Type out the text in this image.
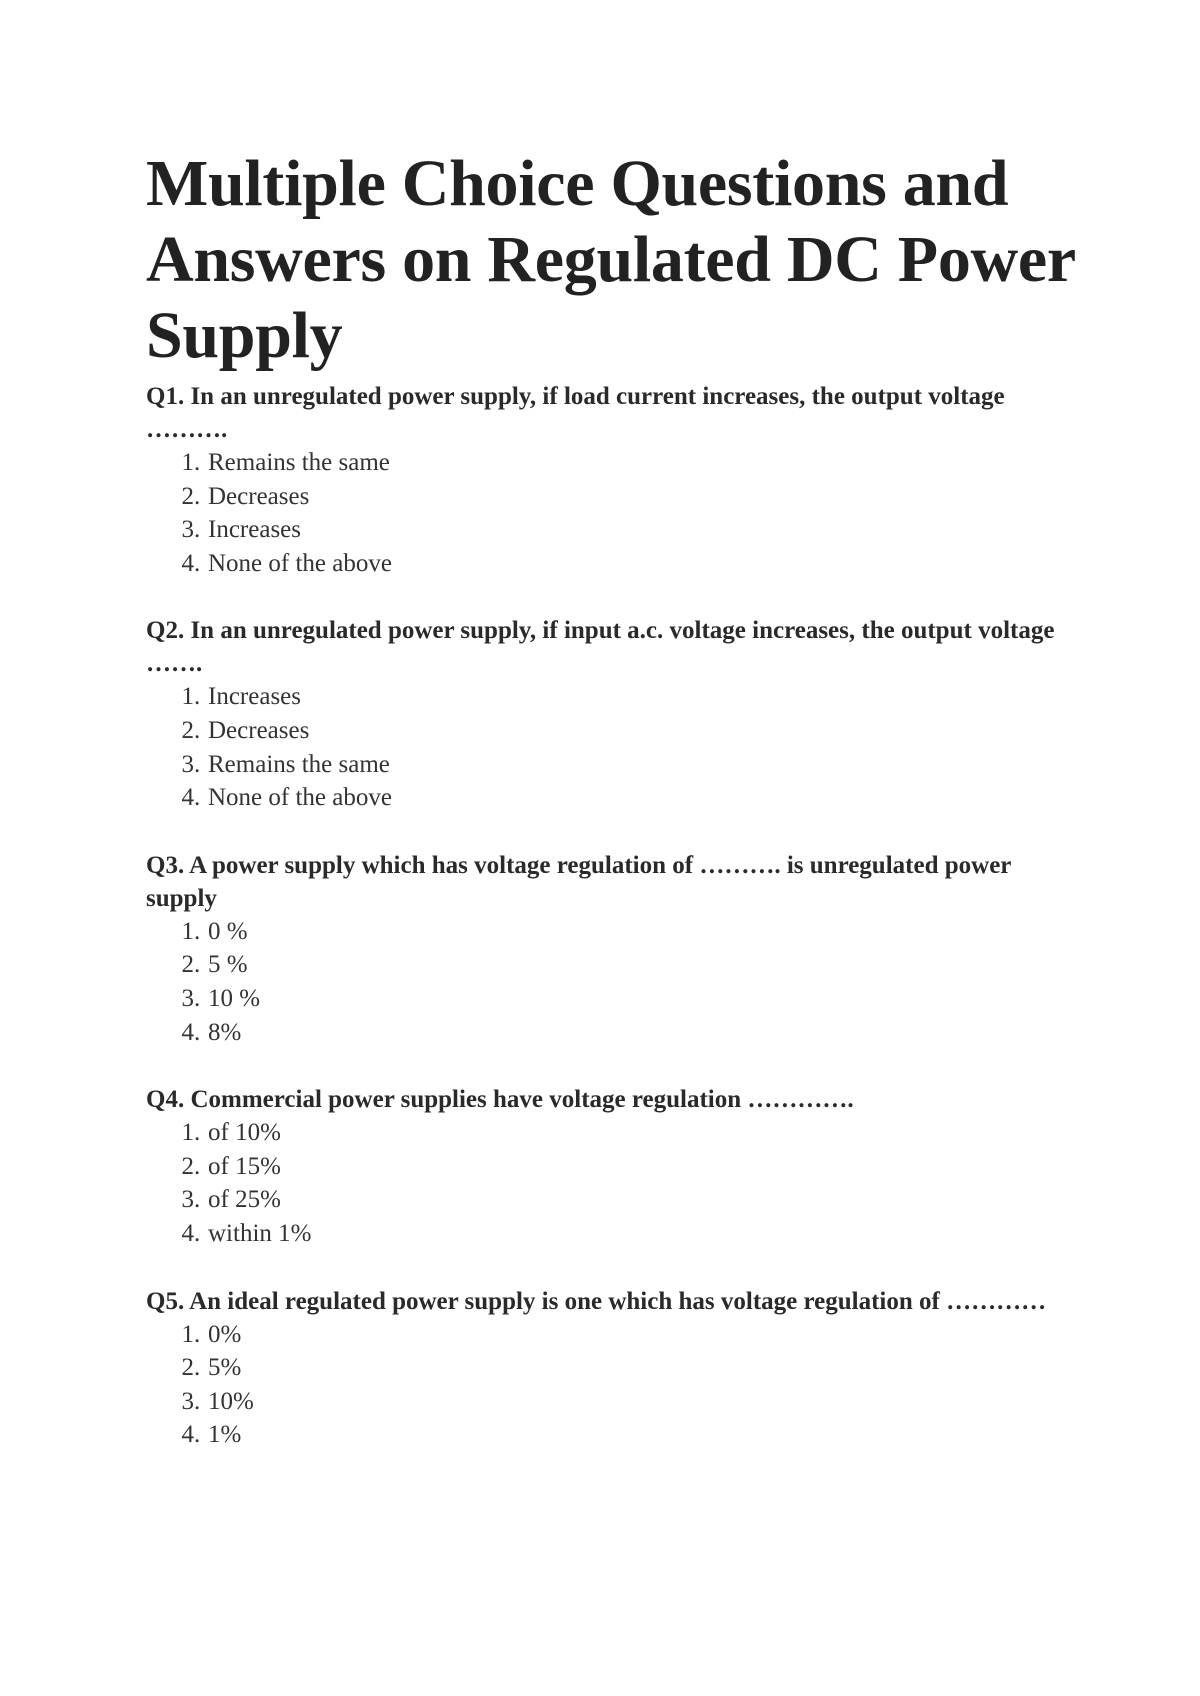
Multiple Choice Questions and Answers on Regulated DC Power Supply

Q1. In an unregulated power supply, if load current increases, the output voltage ……….

1 . Remains the same
2 . Decreases
3 . Increases
4 . None of the above

Q2. In an unregulated power supply, if input a.c. voltage increases, the output voltage …….

1 . Increases
2 . Decreases
3 . Remains the same
4 . None of the above

Q3. A power supply which has voltage regulation of ………. is unregulated power supply

1 . 0 %
2 . 5 %
3 . 10 %
4 . 8%

Q4. Commercial power supplies have voltage regulation ………….

1 . of 10%
2 . of 15%
3 . of 25%
4 . within 1%

Q5. An ideal regulated power supply is one which has voltage regulation of …………

1 . 0%
2 . 5%
3 . 10%
4 . 1%
